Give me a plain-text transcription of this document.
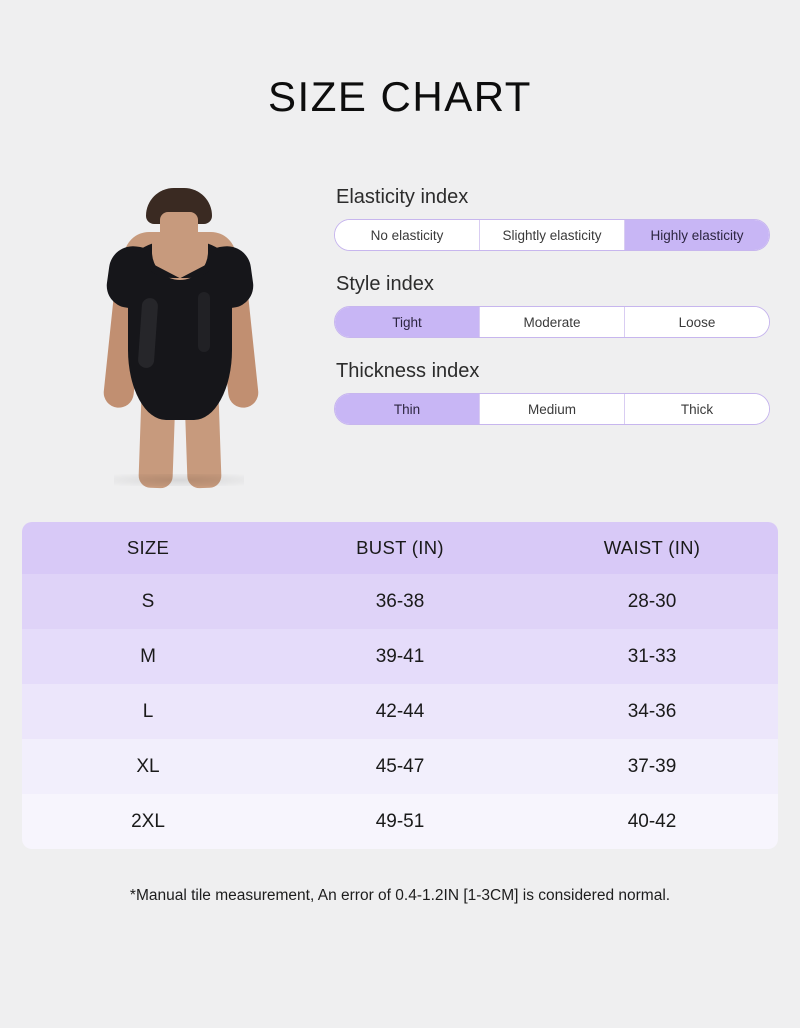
SIZE CHART
Elasticity index
No elasticity	Slightly elasticity	Highly elasticity
Style index
Tight	Moderate	Loose
Thickness index
Thin	Medium	Thick
SIZE	BUST (IN)	WAIST (IN)
S	36-38	28-30
M	39-41	31-33
L	42-44	34-36
XL	45-47	37-39
2XL	49-51	40-42
*Manual tile measurement, An error of 0.4-1.2IN [1-3CM] is considered normal.
